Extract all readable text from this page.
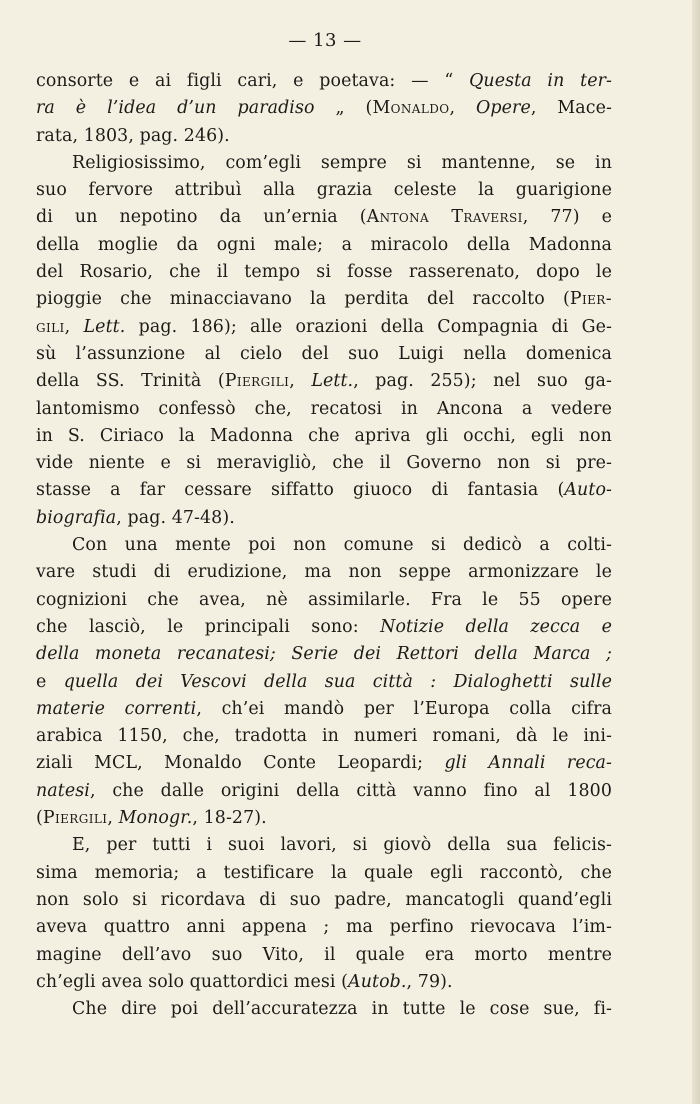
— 13 —
consorte e ai figli cari, e poetava: — “ Questa in ter-
ra è l’idea d’un paradiso „ (Monaldo, Opere, Mace-
rata, 1803, pag. 246).
Religiosissimo, com’egli sempre si mantenne, se in
suo fervore attribuì alla grazia celeste la guarigione
di un nepotino da un’ernia (Antona Traversi, 77) e
della moglie da ogni male; a miracolo della Madonna
del Rosario, che il tempo si fosse rasserenato, dopo le
pioggie che minacciavano la perdita del raccolto (Pier-
gili, Lett. pag. 186); alle orazioni della Compagnia di Ge-
sù l’assunzione al cielo del suo Luigi nella domenica
della SS. Trinità (Piergili, Lett., pag. 255); nel suo ga-
lantomismo confessò che, recatosi in Ancona a vedere
in S. Ciriaco la Madonna che apriva gli occhi, egli non
vide niente e si meravigliò, che il Governo non si pre-
stasse a far cessare siffatto giuoco di fantasia (Auto-
biografia, pag. 47-48).
Con una mente poi non comune si dedicò a colti-
vare studi di erudizione, ma non seppe armonizzare le
cognizioni che avea, nè assimilarle. Fra le 55 opere
che lasciò, le principali sono: Notizie della zecca e
della moneta recanatesi; Serie dei Rettori della Marca ;
e quella dei Vescovi della sua città : Dialoghetti sulle
materie correnti, ch’ei mandò per l’Europa colla cifra
arabica 1150, che, tradotta in numeri romani, dà le ini-
ziali MCL, Monaldo Conte Leopardi; gli Annali reca-
natesi, che dalle origini della città vanno fino al 1800
(Piergili, Monogr., 18-27).
E, per tutti i suoi lavori, si giovò della sua felicis-
sima memoria; a testificare la quale egli raccontò, che
non solo si ricordava di suo padre, mancatogli quand’egli
aveva quattro anni appena ; ma perfino rievocava l’im-
magine dell’avo suo Vito, il quale era morto mentre
ch’egli avea solo quattordici mesi (Autob., 79).
Che dire poi dell’accuratezza in tutte le cose sue, fi-
